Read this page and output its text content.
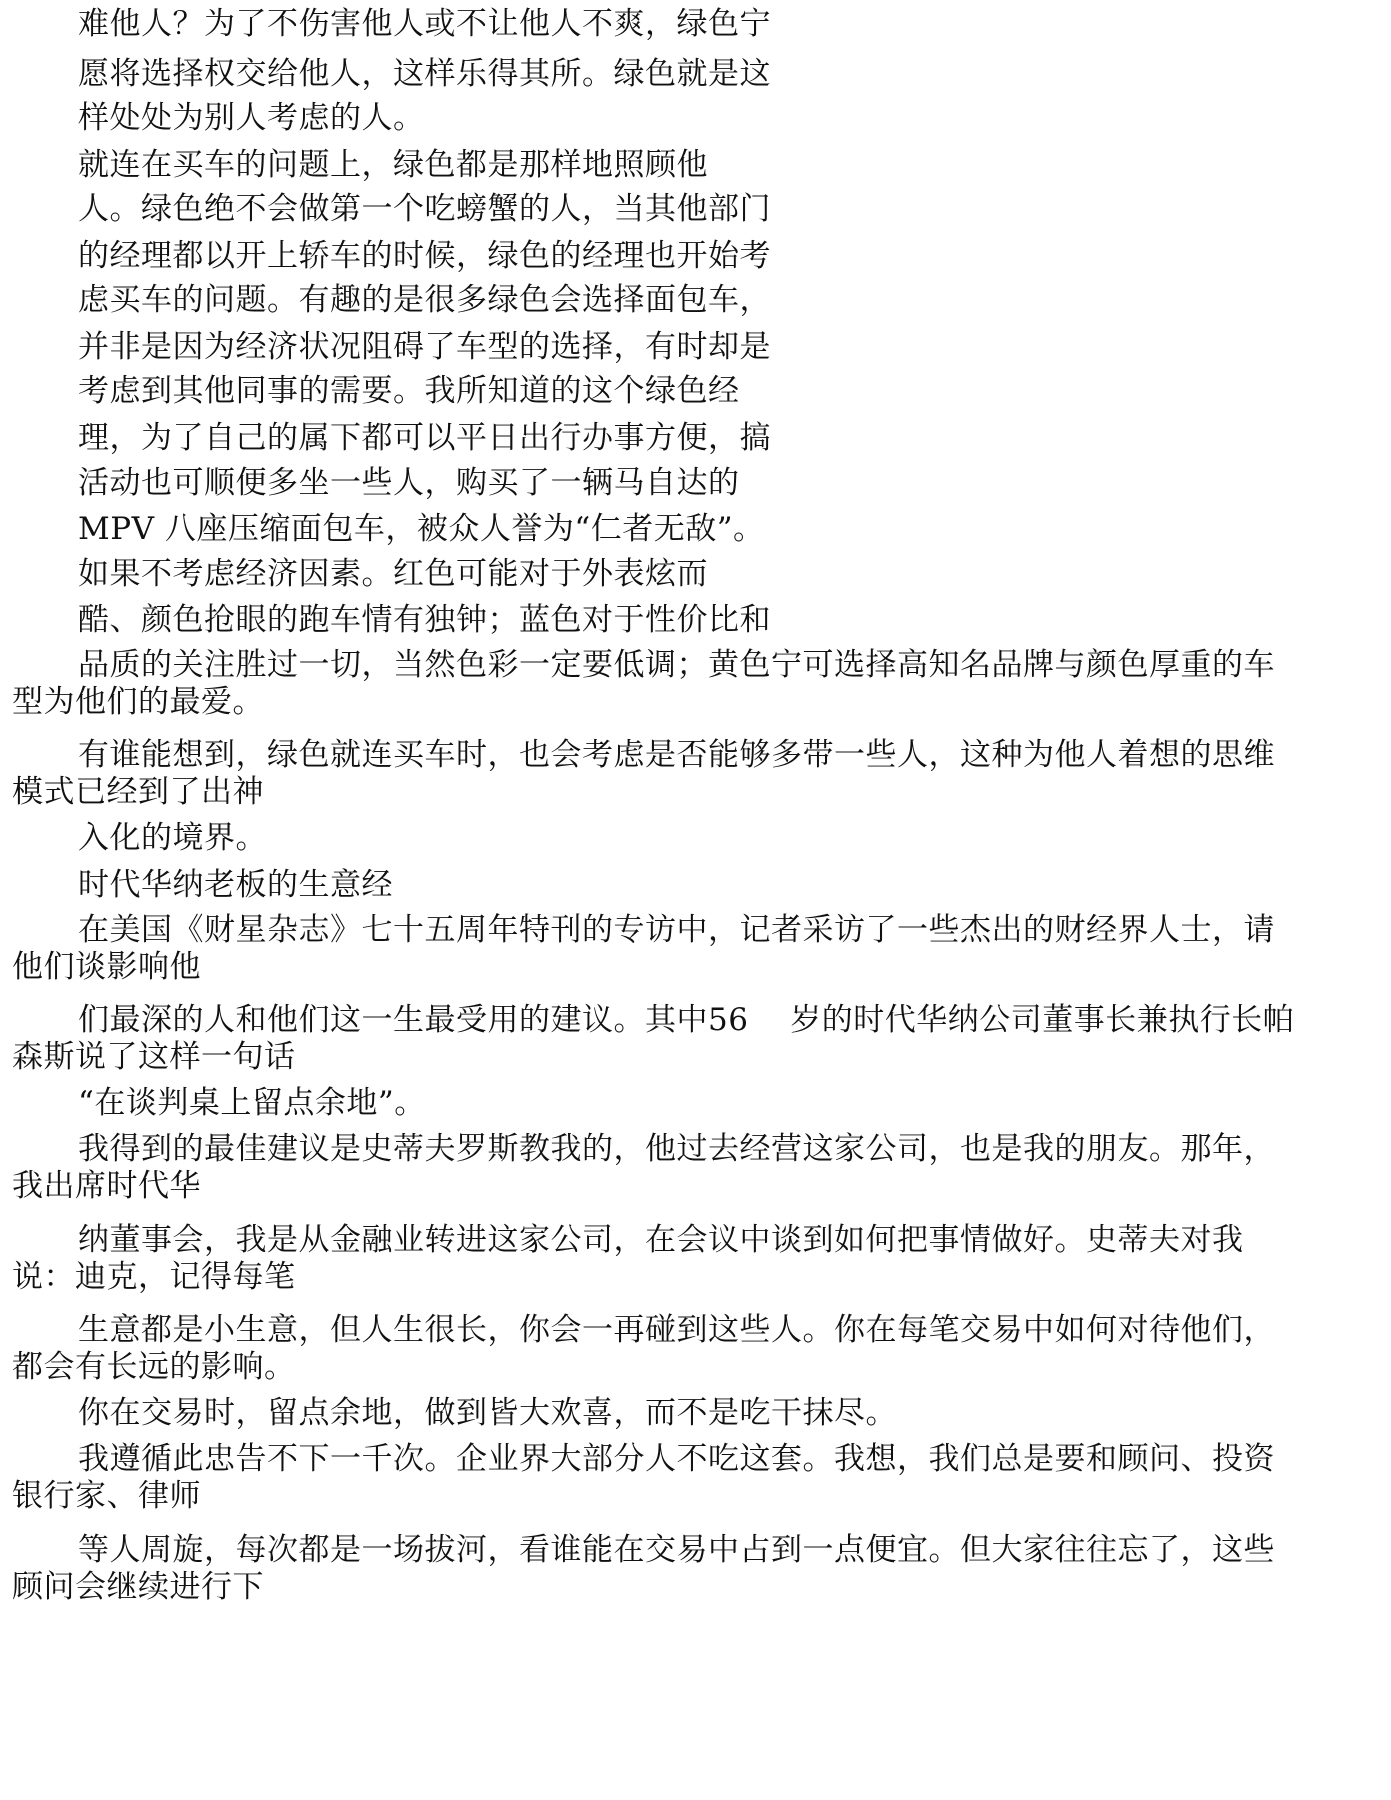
难他人？为了不伤害他人或不让他人不爽，绿色宁
愿将选择权交给他人，这样乐得其所。绿色就是这
样处处为别人考虑的人。
就连在买车的问题上，绿色都是那样地照顾他
人。绿色绝不会做第一个吃螃蟹的人，当其他部门
的经理都以开上轿车的时候，绿色的经理也开始考
虑买车的问题。有趣的是很多绿色会选择面包车，
并非是因为经济状况阻碍了车型的选择，有时却是
考虑到其他同事的需要。我所知道的这个绿色经
理，为了自己的属下都可以平日出行办事方便，搞
活动也可顺便多坐一些人，购买了一辆马自达的
MPV 八座压缩面包车，被众人誉为“仁者无敌”。
如果不考虑经济因素。红色可能对于外表炫而
酷、颜色抢眼的跑车情有独钟；蓝色对于性价比和
品质的关注胜过一切，当然色彩一定要低调；黄色宁可选择高知名品牌与颜色厚重的车
型为他们的最爱。
有谁能想到，绿色就连买车时，也会考虑是否能够多带一些人，这种为他人着想的思维
模式已经到了出神
入化的境界。
时代华纳老板的生意经
在美国《财星杂志》七十五周年特刊的专访中，记者采访了一些杰出的财经界人士，请
他们谈影响他
们最深的人和他们这一生最受用的建议。其中56　 岁的时代华纳公司董事长兼执行长帕
森斯说了这样一句话
“在谈判桌上留点余地”。
我得到的最佳建议是史蒂夫罗斯教我的，他过去经营这家公司，也是我的朋友。那年，
我出席时代华
纳董事会，我是从金融业转进这家公司，在会议中谈到如何把事情做好。史蒂夫对我
说：迪克，记得每笔
生意都是小生意，但人生很长，你会一再碰到这些人。你在每笔交易中如何对待他们，
都会有长远的影响。
你在交易时，留点余地，做到皆大欢喜，而不是吃干抹尽。
我遵循此忠告不下一千次。企业界大部分人不吃这套。我想，我们总是要和顾问、投资
银行家、律师
等人周旋，每次都是一场拔河，看谁能在交易中占到一点便宜。但大家往往忘了，这些
顾问会继续进行下
